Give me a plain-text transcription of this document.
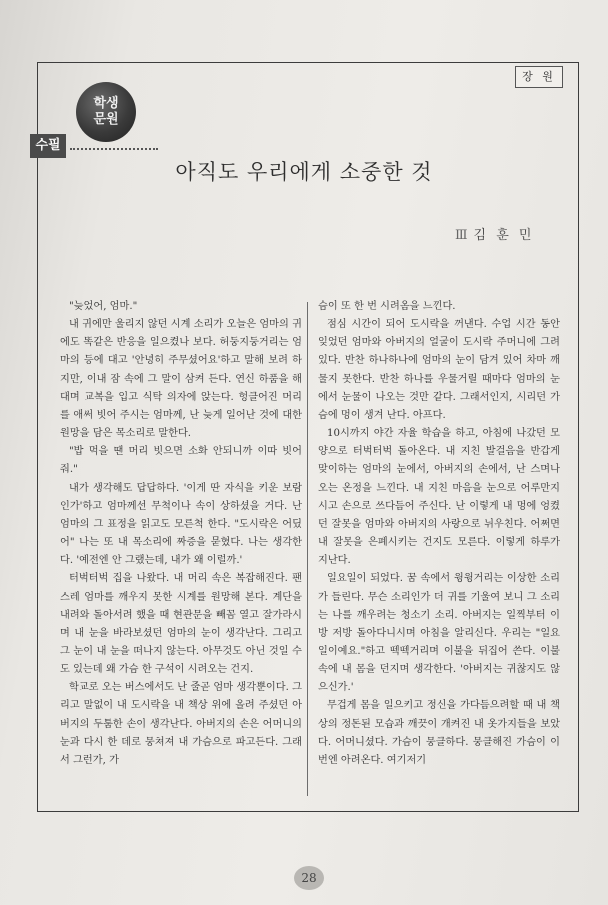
장 원
학생
문원
수필
아직도 우리에게 소중한 것
Ⅲ 김 훈 민

"늦었어, 엄마."

내 귀에만 울리지 않던 시계 소리가 오늘은 엄마의 귀에도 똑같은 반응을 일으켰나 보다. 허둥지둥거리는 엄마의 등에 대고 '안녕히 주무셨어요'하고 말해 보려 하지만, 이내 잠 속에 그 말이 삼켜 든다. 연신 하품을 해대며 교복을 입고 식탁 의자에 앉는다. 헝클어진 머리를 애써 빗어 주시는 엄마께, 난 늦게 일어난 것에 대한 원망을 담은 목소리로 말한다.

"밥 먹을 땐 머리 빗으면 소화 안되니까 이따 빗어줘."

내가 생각해도 답답하다. '이게 딴 자식을 키운 보람인가'하고 엄마께선 무척이나 속이 상하셨을 거다. 난 엄마의 그 표정을 읽고도 모른척 한다. "도시락은 어딨어" 나는 또 내 목소리에 짜증을 묻혔다. 나는 생각한다. '예전엔 안 그랬는데, 내가 왜 이럴까.'

터벅터벅 집을 나왔다. 내 머리 속은 복잡해진다. 팬스레 엄마를 깨우지 못한 시계를 원망해 본다. 계단을 내려와 돌아서려 했을 때 현관문을 빼꼼 열고 잘가라시며 내 눈을 바라보셨던 엄마의 눈이 생각난다. 그리고 그 눈이 내 눈을 떠나지 않는다. 아무것도 아닌 것일 수도 있는데 왜 가슴 한 구석이 시려오는 건지.

학교로 오는 버스에서도 난 줄곧 엄마 생각뿐이다. 그리고 말없이 내 도시락을 내 책상 위에 올려 주셨던 아버지의 두툼한 손이 생각난다. 아버지의 손은 어머니의 눈과 다시 한 데로 뭉쳐져 내 가슴으로 파고든다. 그래서 그런가, 가

슴이 또 한 번 시려옴을 느낀다.

점심 시간이 되어 도시락을 꺼낸다. 수업 시간 동안 잊었던 엄마와 아버지의 얼굴이 도시락 주머니에 그려 있다. 반찬 하나하나에 엄마의 눈이 담겨 있어 차마 깨물지 못한다. 반찬 하나를 우물거릴 때마다 엄마의 눈에서 눈물이 나오는 것만 같다. 그래서인지, 시리던 가슴에 멍이 생겨 난다. 아프다.

10시까지 야간 자율 학습을 하고, 아침에 나갔던 모양으로 터벅터벅 돌아온다. 내 지친 발걸음을 반갑게 맞이하는 엄마의 눈에서, 아버지의 손에서, 난 스며나오는 온정을 느낀다. 내 지친 마음을 눈으로 어루만지시고 손으로 쓰다듬어 주신다. 난 이렇게 내 멍에 엉켰던 잘못을 엄마와 아버지의 사랑으로 뉘우친다. 어쩌면 내 잘못을 은폐시키는 건지도 모른다. 이렇게 하루가 지난다.

일요일이 되었다. 꿈 속에서 윙윙거리는 이상한 소리가 들린다. 무슨 소리인가 더 귀를 기울여 보니 그 소리는 나를 깨우려는 청소기 소리. 아버지는 일찍부터 이방 저방 돌아다니시며 아침을 알리신다. 우리는 "일요일이예요."하고 떽떽거리며 이불을 뒤집어 쓴다. 이불 속에 내 몸을 던지며 생각한다. '아버지는 귀찮지도 않으신가.'

무겁게 몸을 일으키고 정신을 가다듬으려할 때 내 책상의 정돈된 모습과 깨끗이 개켜진 내 옷가지들을 보았다. 어머니셨다. 가슴이 뭉클하다. 뭉클해진 가슴이 이번엔 아려온다. 여기저기

28
